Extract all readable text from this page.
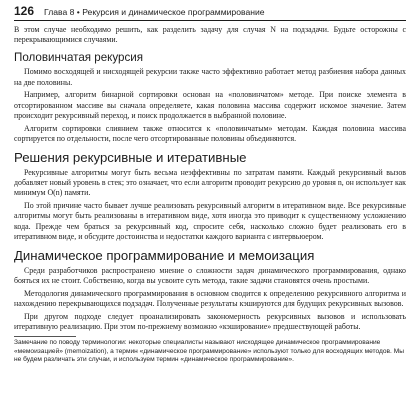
126 Глава 8 • Рекурсия и динамическое программирование

В этом случае необходимо решить, как разделить задачу для случая N на подзадачи. Будьте осторожны с перекрывающимися случаями.

Половинчатая рекурсия

Помимо восходящей и нисходящей рекурсии также часто эффективно работает метод разбиения набора данных на две половины.

Например, алгоритм бинарной сортировки основан на «половинчатом» методе. При поиске элемента в отсортированном массиве вы сначала определяете, какая половина массива содержит искомое значение. Затем происходит рекурсивный переход, и поиск продолжается в выбранной половине.

Алгоритм сортировки слиянием также относится к «половинчатым» методам. Каждая половина массива сортируется по отдельности, после чего отсортированные половины объединяются.

Решения рекурсивные и итеративные

Рекурсивные алгоритмы могут быть весьма неэффективны по затратам памяти. Каждый рекурсивный вызов добавляет новый уровень в стек; это означает, что если алгоритм проводит рекурсию до уровня n, он использует как минимум O(n) памяти.

По этой причине часто бывает лучше реализовать рекурсивный алгоритм в итеративном виде. Все рекурсивные алгоритмы могут быть реализованы в итеративном виде, хотя иногда это приводит к существенному усложнению кода. Прежде чем браться за рекурсивный код, спросите себя, насколько сложно будет реализовать его в итеративном виде, и обсудите достоинства и недостатки каждого варианта с интервьюером.

Динамическое программирование и мемоизация

Среди разработчиков распространено мнение о сложности задач динамического программирования, однако бояться их не стоит. Собственно, когда вы усвоите суть метода, такие задачи становятся очень простыми.

Методология динамического программирования в основном сводится к определению рекурсивного алгоритма и нахождению перекрывающихся подзадач. Полученные результаты кэшируются для будущих рекурсивных вызовов.

При другом подходе следует проанализировать закономерность рекурсивных вызовов и использовать итеративную реализацию. При этом по-прежнему возможно «кэширование» предшествующей работы.

Замечание по поводу терминологии: некоторые специалисты называют нисходящее динамическое программирование «мемоизацией» (memoization), а термин «динамическое программирование» используют только для восходящих методов. Мы не будем различать эти случаи, и используем термин «динамическое программирование».
